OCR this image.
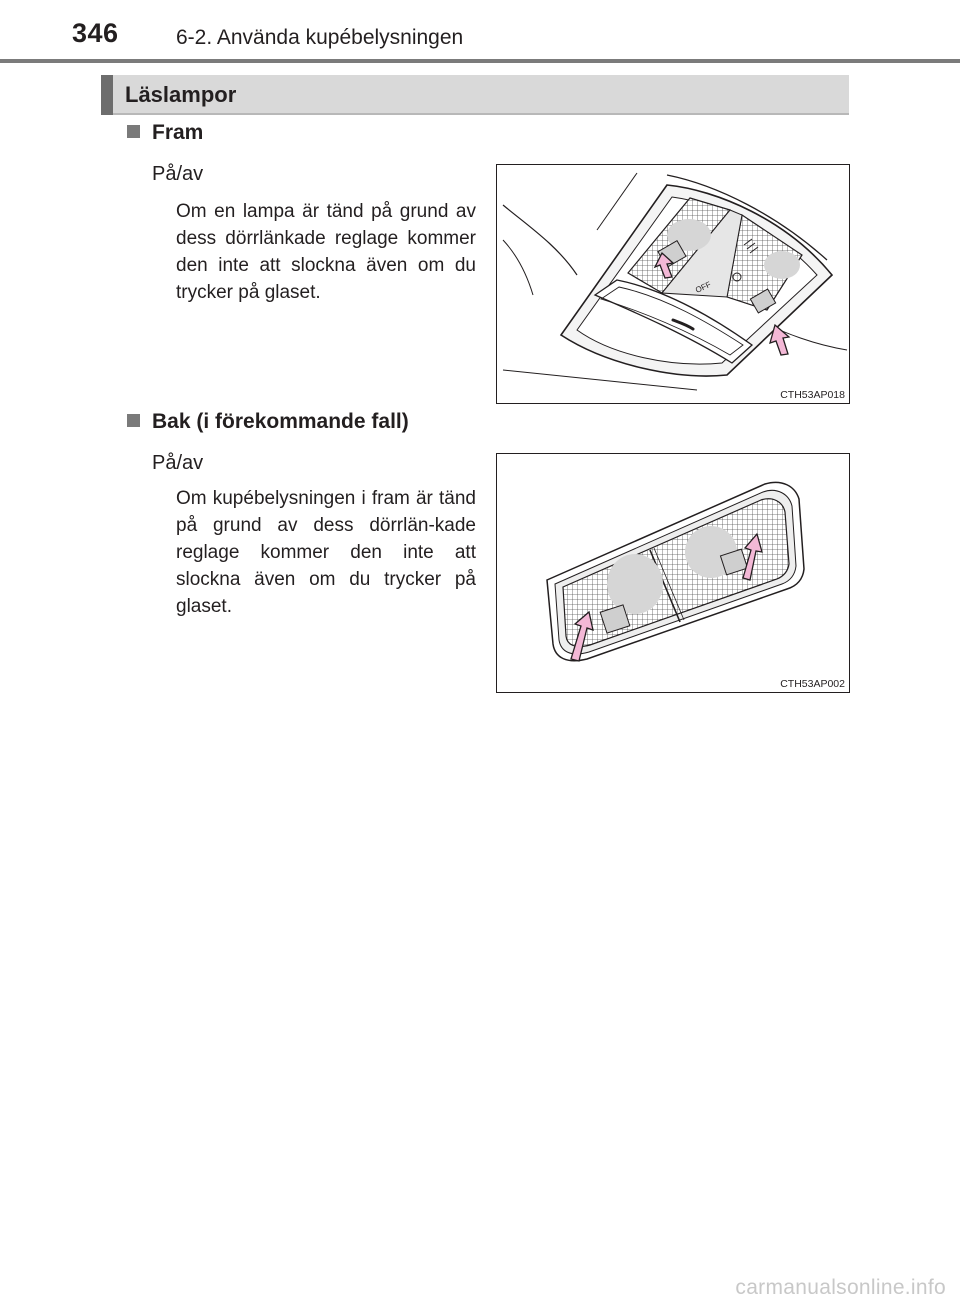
346	6-2. Använda kupébelysningen
Läslampor
Fram
På/av
Om en lampa är tänd på grund av dess dörrlänkade reglage kommer den inte att slockna även om du trycker på glaset.	OFF
CTH53AP018
Bak (i förekommande fall)
På/av
Om kupébelysningen i fram är tänd på grund av dess dörrlän-kade reglage kommer den inte att slockna även om du trycker på glaset.
CTH53AP002
carmanualsonline.info
